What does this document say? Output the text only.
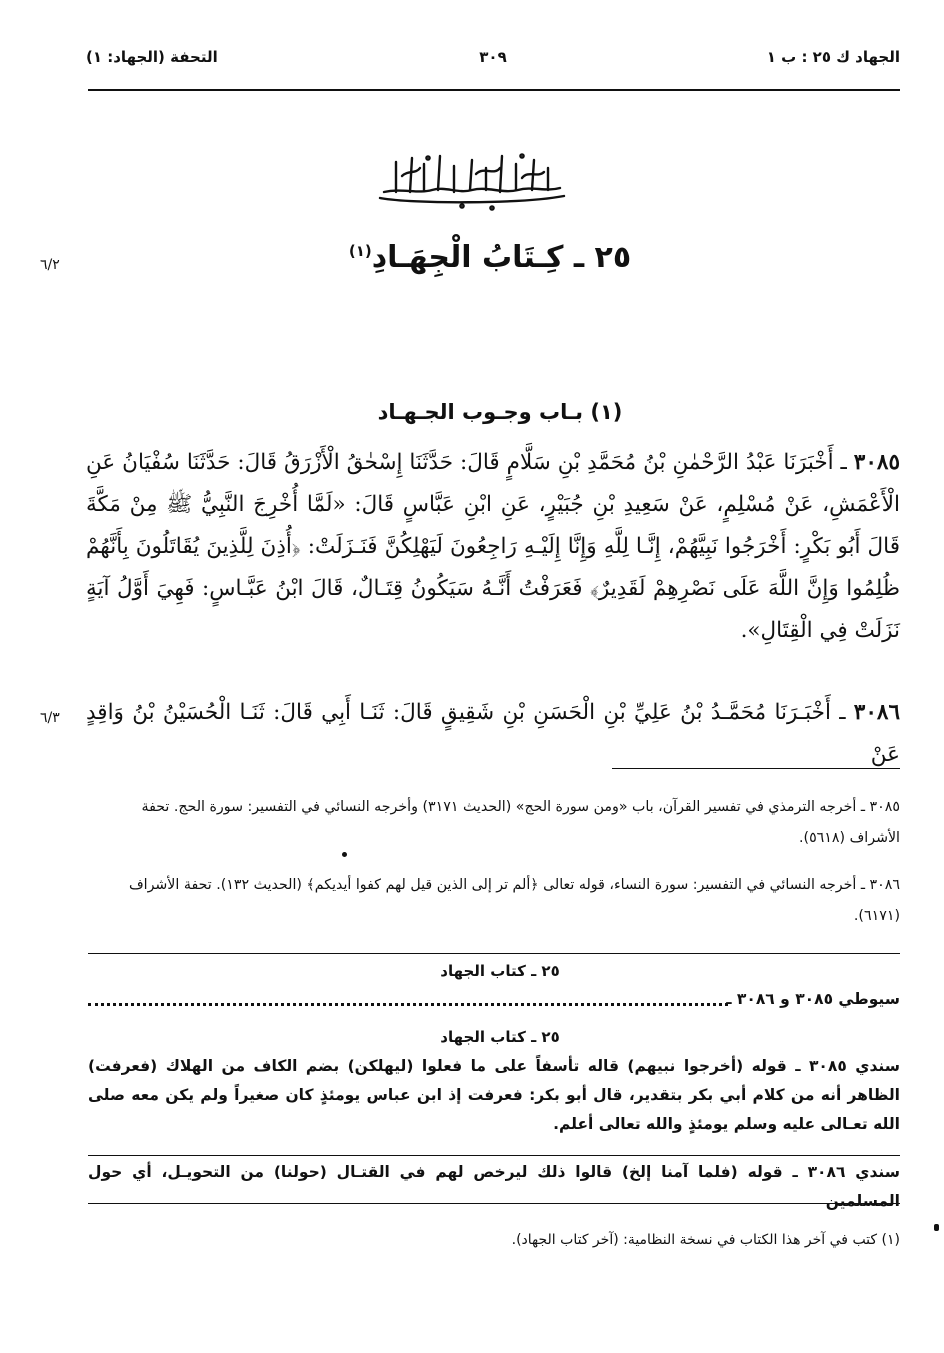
الجهاد ك ٢٥ : ب ١
٣٠٩
التحفة (الجهاد: ١)
٢٥ ـ كِـتَابُ الْجِهَـادِ$^{(١)}$
٦/٢
(١) بـاب وجـوب الجـهـاد
٣٠٨٥ ـ أَخْبَرَنَا عَبْدُ الرَّحْمٰنِ بْنُ مُحَمَّدِ بْنِ سَلَّامٍ قَالَ: حَدَّثَنَا إِسْحٰقُ الْأَزْرَقُ قَالَ: حَدَّثَنَا سُفْيَانُ عَنِ الْأَعْمَشِ، عَنْ مُسْلِمٍ، عَنْ سَعِيدِ بْنِ جُبَيْرٍ، عَنِ ابْنِ عَبَّاسٍ قَالَ: «لَمَّا أُخْرِجَ النَّبِيُّ ﷺ مِنْ مَكَّةَ قَالَ أَبُو بَكْرٍ: أَخْرَجُوا نَبِيَّهُمْ، إِنَّـا لِلَّهِ وَإِنَّا إِلَيْـهِ رَاجِعُونَ لَيَهْلِكُنَّ فَنَـزَلَتْ: ﴿أُذِنَ لِلَّذِينَ يُقَاتَلُونَ بِأَنَّهُمْ ظُلِمُوا وَإِنَّ اللَّهَ عَلَى نَصْرِهِمْ لَقَدِيرٌ﴾ فَعَرَفْتُ أَنَّـهُ سَيَكُونُ قِتَـالٌ، قَالَ ابْنُ عَبَّـاسٍ: فَهِيَ أَوَّلُ آيَةٍ نَزَلَتْ فِي الْقِتَالِ».
٣٠٨٦ ـ أَخْبَـرَنَا مُحَمَّـدُ بْنُ عَلِيِّ بْنِ الْحَسَنِ بْنِ شَقِيقٍ قَالَ: ثَنَـا أَبِي قَالَ: ثَنَـا الْحُسَيْنُ بْنُ وَاقِدٍ عَنْ
٦/٣
٣٠٨٥ ـ أخرجه الترمذي في تفسير القرآن، باب «ومن سورة الحج» (الحديث ٣١٧١) وأخرجه النسائي في التفسير: سورة الحج. تحفة الأشراف (٥٦١٨).
٣٠٨٦ ـ أخرجه النسائي في التفسير: سورة النساء، قوله تعالى ﴿ألم تر إلى الذين قيل لهم كفوا أيديكم﴾ (الحديث ١٣٢). تحفة الأشراف (٦١٧١).
٢٥ ـ كتاب الجهاد
سيوطي ٣٠٨٥ و ٣٠٨٦ ـ
٢٥ ـ كتاب الجهاد
سندي ٣٠٨٥ ـ قوله (أخرجوا نبيهم) قاله تأسفاً على ما فعلوا (ليهلكن) بضم الكاف من الهلاك (فعرفت) الظاهر أنه من كلام أبي بكر بتقدير، قال أبو بكر: فعرفت إذ ابن عباس يومئذٍ كان صغيراً ولم يكن معه صلى الله تعـالى عليه وسلم يومئذٍ والله تعالى أعلم.
سندي ٣٠٨٦ ـ قوله (فلما آمنا إلخ) قالوا ذلك ليرخص لهم في القتـال (حولنا) من التحويـل، أي حول المسلمين
(١) كتب في آخر هذا الكتاب في نسخة النظامية: (آخر كتاب الجهاد).
